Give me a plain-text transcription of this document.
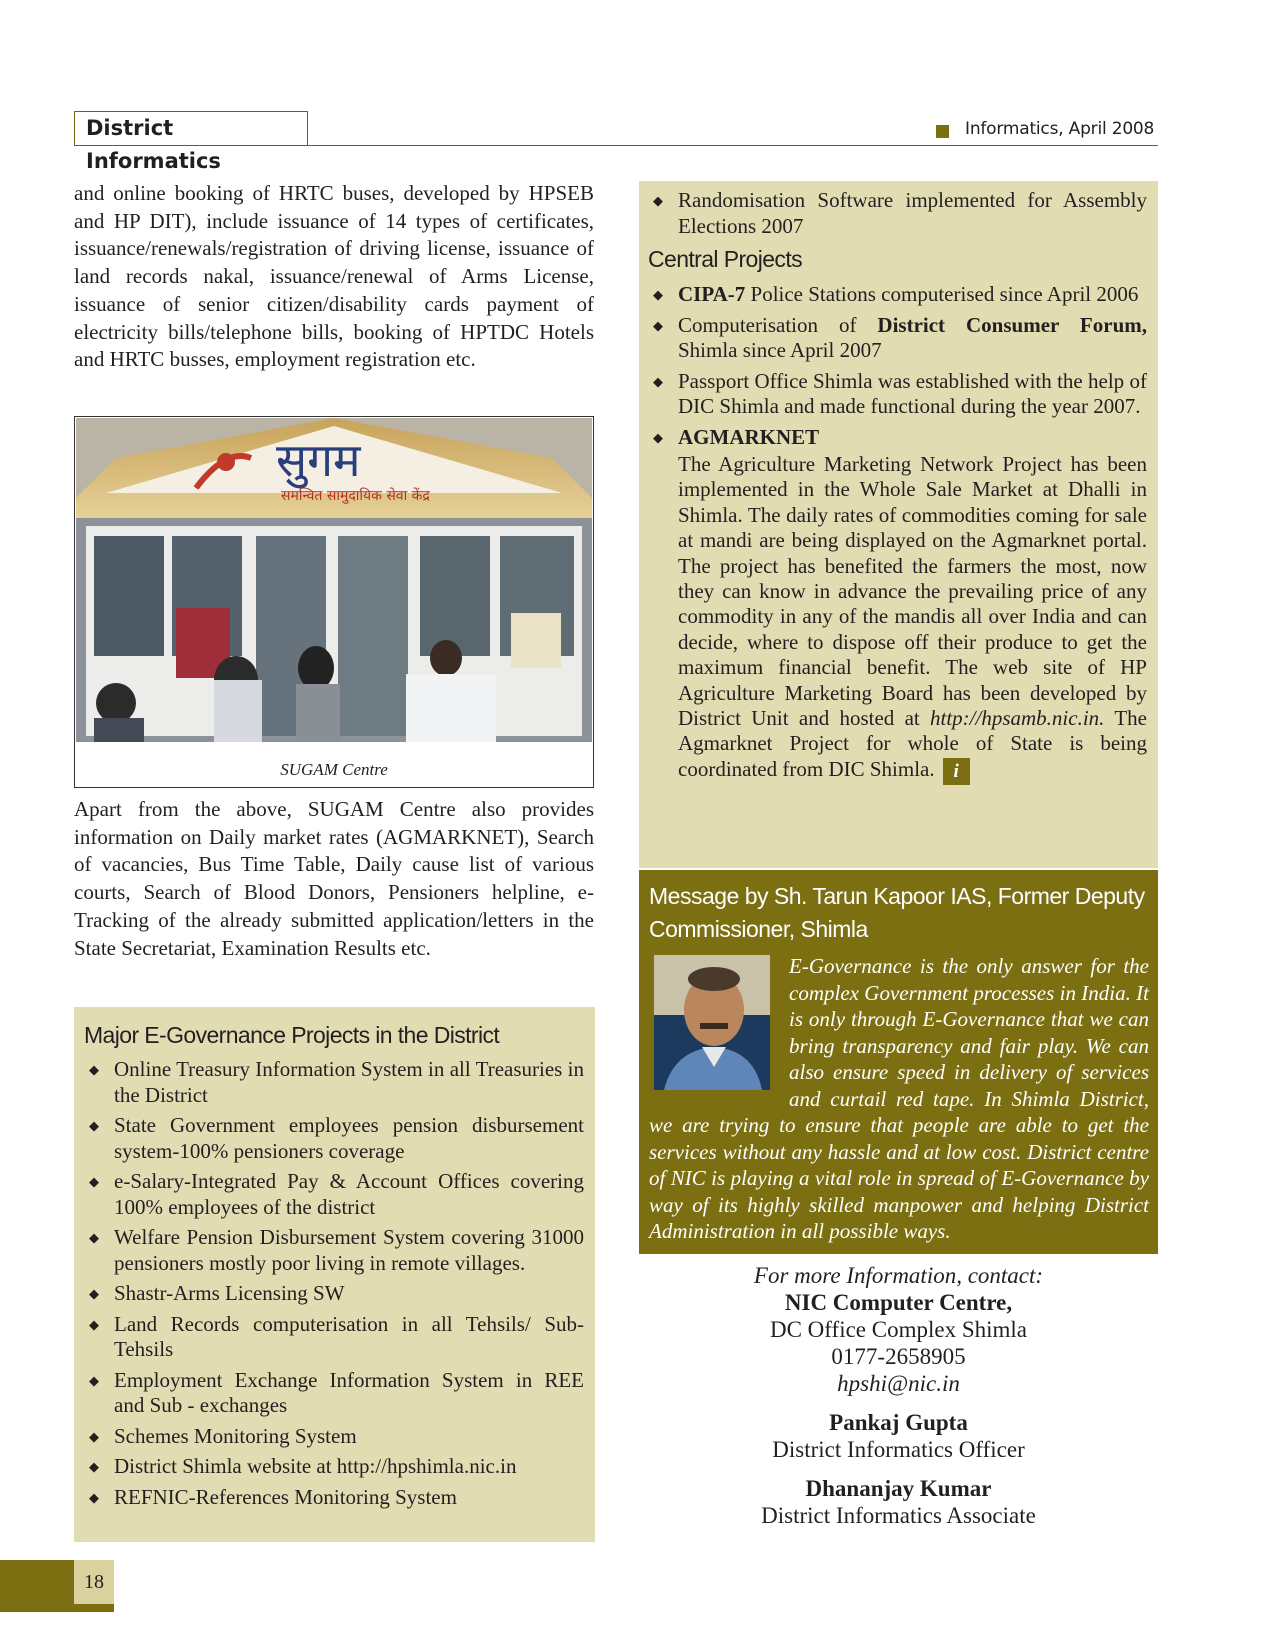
District Informatics
Informatics, April 2008
and online booking of HRTC buses, developed by HPSEB and HP DIT), include issuance of 14 types of certificates, issuance/renewals/registration of driving license, issuance of land records nakal, issuance/renewal of Arms License, issuance of senior citizen/disability cards payment of electricity bills/telephone bills, booking of HPTDC Hotels and HRTC busses, employment registration etc.
सुगम
समन्वित सामुदायिक सेवा केंद्र
SUGAM Centre
Apart from the above, SUGAM Centre also provides information on Daily market rates (AGMARKNET), Search of vacancies, Bus Time Table, Daily cause list of various courts, Search of Blood Donors, Pensioners helpline, e-Tracking of the already submitted application/letters in the State Secretariat, Examination Results etc.
Major E-Governance Projects in the District
◆ Online Treasury Information System in all Treasuries in the District
◆ State Government employees pension disbursement system-100% pensioners coverage
◆ e-Salary-Integrated Pay & Account Offices covering 100% employees of the district
◆ Welfare Pension Disbursement System covering 31000 pensioners mostly poor living in remote villages.
◆ Shastr-Arms Licensing SW
◆ Land Records computerisation in all Tehsils/ Sub-Tehsils
◆ Employment Exchange Information System in REE and Sub - exchanges
◆ Schemes Monitoring System
◆ District Shimla website at http://hpshimla.nic.in
◆ REFNIC-References Monitoring System
◆ Randomisation Software implemented for Assembly Elections 2007
Central Projects
◆ CIPA-7 Police Stations computerised since April 2006
◆ Computerisation of District Consumer Forum, Shimla since April 2007
◆ Passport Office Shimla was established with the help of DIC Shimla and made functional during the year 2007.
◆ AGMARKNET

The Agriculture Marketing Network Project has been implemented in the Whole Sale Market at Dhalli in Shimla. The daily rates of commodities coming for sale at mandi are being displayed on the Agmarknet portal. The project has benefited the farmers the most, now they can know in advance the prevailing price of any commodity in any of the mandis all over India and can decide, where to dispose off their produce to get the maximum financial benefit. The web site of HP Agriculture Marketing Board has been developed by District Unit and hosted at http://hpsamb.nic.in. The Agmarknet Project for whole of State is being coordinated from DIC Shimla. i

Message by Sh. Tarun Kapoor IAS, Former Deputy Commissioner, Shimla
E-Governance is the only answer for the complex Government processes in India. It is only through E-Governance that we can bring transparency and fair play. We can also ensure speed in delivery of services and curtail red tape. In Shimla District, we are trying to ensure that people are able to get the services without any hassle and at low cost. District centre of NIC is playing a vital role in spread of E-Governance by way of its highly skilled manpower and helping District Administration in all possible ways.
For more Information, contact:
NIC Computer Centre,
DC Office Complex Shimla
0177-2658905
hpshi@nic.in
Pankaj Gupta
District Informatics Officer
Dhananjay Kumar
District Informatics Associate
18
